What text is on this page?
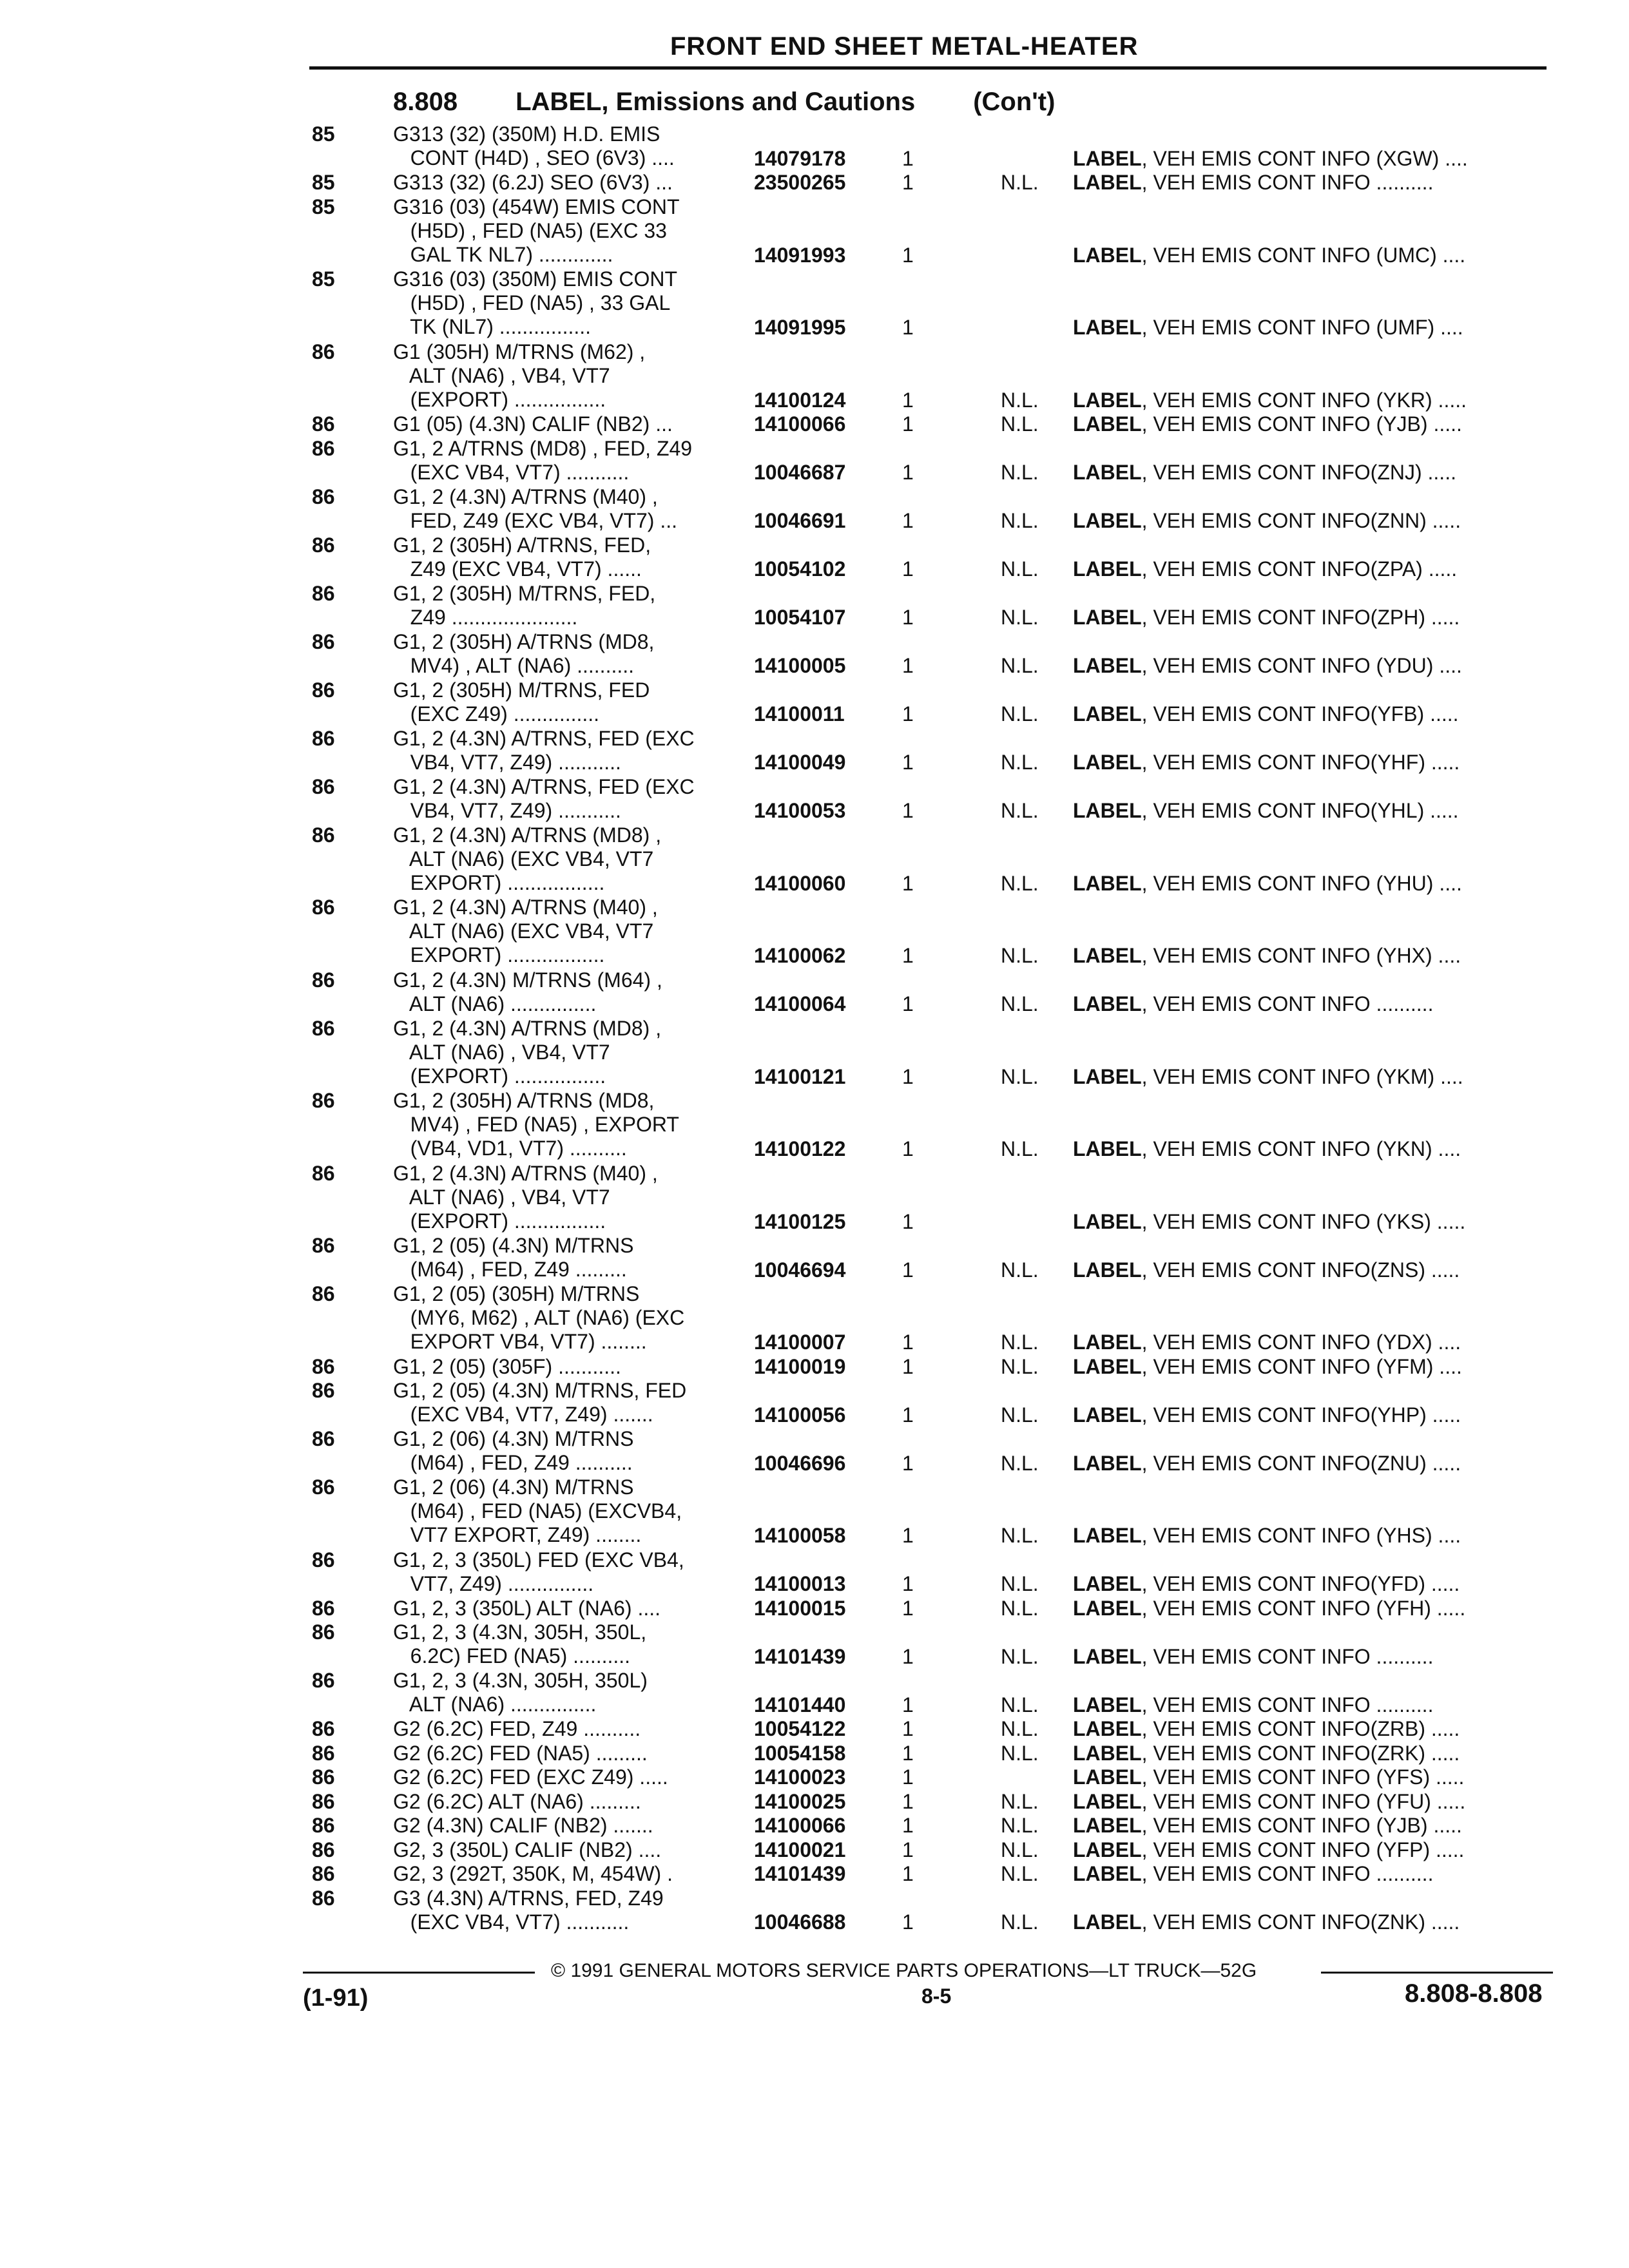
FRONT END SHEET METAL-HEATER
8.808 LABEL, Emissions and Cautions (Con't)
85	G313 (32) (350M) H.D. EMIS
CONT (H4D) , SEO (6V3) ....	14079178	1	LABEL, VEH EMIS CONT INFO (XGW) ....
85	G313 (32) (6.2J) SEO (6V3) ...	23500265	1	N.L. LABEL, VEH EMIS CONT INFO ..........
85	G316 (03) (454W) EMIS CONT
(H5D) , FED (NA5) (EXC 33
GAL TK NL7) .............	14091993	1	LABEL, VEH EMIS CONT INFO (UMC) ....
85	G316 (03) (350M) EMIS CONT
(H5D) , FED (NA5) , 33 GAL
TK (NL7) ................	14091995	1	LABEL, VEH EMIS CONT INFO (UMF) ....
86	G1 (305H) M/TRNS (M62) ,
ALT (NA6) , VB4, VT7
(EXPORT) ................	14100124	1	N.L. LABEL, VEH EMIS CONT INFO (YKR) .....
86	G1 (05) (4.3N) CALIF (NB2) ...	14100066	1	N.L. LABEL, VEH EMIS CONT INFO (YJB) .....
86	G1, 2 A/TRNS (MD8) , FED, Z49
(EXC VB4, VT7) ...........	10046687	1	N.L. LABEL, VEH EMIS CONT INFO(ZNJ) .....
86	G1, 2 (4.3N) A/TRNS (M40) ,
FED, Z49 (EXC VB4, VT7) ...	10046691	1	N.L. LABEL, VEH EMIS CONT INFO(ZNN) .....
86	G1, 2 (305H) A/TRNS, FED,
Z49 (EXC VB4, VT7) ......	10054102	1	N.L. LABEL, VEH EMIS CONT INFO(ZPA) .....
86	G1, 2 (305H) M/TRNS, FED,
Z49 ......................	10054107	1	N.L. LABEL, VEH EMIS CONT INFO(ZPH) .....
86	G1, 2 (305H) A/TRNS (MD8,
MV4) , ALT (NA6) ..........	14100005	1	N.L. LABEL, VEH EMIS CONT INFO (YDU) ....
86	G1, 2 (305H) M/TRNS, FED
(EXC Z49) ...............	14100011	1	N.L. LABEL, VEH EMIS CONT INFO(YFB) .....
86	G1, 2 (4.3N) A/TRNS, FED (EXC
VB4, VT7, Z49) ...........	14100049	1	N.L. LABEL, VEH EMIS CONT INFO(YHF) .....
86	G1, 2 (4.3N) A/TRNS, FED (EXC
VB4, VT7, Z49) ...........	14100053	1	N.L. LABEL, VEH EMIS CONT INFO(YHL) .....
86	G1, 2 (4.3N) A/TRNS (MD8) ,
ALT (NA6) (EXC VB4, VT7
EXPORT) .................	14100060	1	N.L. LABEL, VEH EMIS CONT INFO (YHU) ....
86	G1, 2 (4.3N) A/TRNS (M40) ,
ALT (NA6) (EXC VB4, VT7
EXPORT) .................	14100062	1	N.L. LABEL, VEH EMIS CONT INFO (YHX) ....
86	G1, 2 (4.3N) M/TRNS (M64) ,
ALT (NA6) ...............	14100064	1	N.L. LABEL, VEH EMIS CONT INFO ..........
86	G1, 2 (4.3N) A/TRNS (MD8) ,
ALT (NA6) , VB4, VT7
(EXPORT) ................	14100121	1	N.L. LABEL, VEH EMIS CONT INFO (YKM) ....
86	G1, 2 (305H) A/TRNS (MD8,
MV4) , FED (NA5) , EXPORT
(VB4, VD1, VT7) ..........	14100122	1	N.L. LABEL, VEH EMIS CONT INFO (YKN) ....
86	G1, 2 (4.3N) A/TRNS (M40) ,
ALT (NA6) , VB4, VT7
(EXPORT) ................	14100125	1	LABEL, VEH EMIS CONT INFO (YKS) .....
86	G1, 2 (05) (4.3N) M/TRNS
(M64) , FED, Z49 .........	10046694	1	N.L. LABEL, VEH EMIS CONT INFO(ZNS) .....
86	G1, 2 (05) (305H) M/TRNS
(MY6, M62) , ALT (NA6) (EXC
EXPORT VB4, VT7) ........	14100007	1	N.L. LABEL, VEH EMIS CONT INFO (YDX) ....
86	G1, 2 (05) (305F) ...........	14100019	1	N.L. LABEL, VEH EMIS CONT INFO (YFM) ....
86	G1, 2 (05) (4.3N) M/TRNS, FED
(EXC VB4, VT7, Z49) .......	14100056	1	N.L. LABEL, VEH EMIS CONT INFO(YHP) .....
86	G1, 2 (06) (4.3N) M/TRNS
(M64) , FED, Z49 ..........	10046696	1	N.L. LABEL, VEH EMIS CONT INFO(ZNU) .....
86	G1, 2 (06) (4.3N) M/TRNS
(M64) , FED (NA5) (EXCVB4,
VT7 EXPORT, Z49) ........	14100058	1	N.L. LABEL, VEH EMIS CONT INFO (YHS) ....
86	G1, 2, 3 (350L) FED (EXC VB4,
VT7, Z49) ...............	14100013	1	N.L. LABEL, VEH EMIS CONT INFO(YFD) .....
86	G1, 2, 3 (350L) ALT (NA6) ....	14100015	1	N.L. LABEL, VEH EMIS CONT INFO (YFH) .....
86	G1, 2, 3 (4.3N, 305H, 350L,
6.2C) FED (NA5) ..........	14101439	1	N.L. LABEL, VEH EMIS CONT INFO ..........
86	G1, 2, 3 (4.3N, 305H, 350L)
ALT (NA6) ...............	14101440	1	N.L. LABEL, VEH EMIS CONT INFO ..........
86	G2 (6.2C) FED, Z49 ..........	10054122	1	N.L. LABEL, VEH EMIS CONT INFO(ZRB) .....
86	G2 (6.2C) FED (NA5) .........	10054158	1	N.L. LABEL, VEH EMIS CONT INFO(ZRK) .....
86	G2 (6.2C) FED (EXC Z49) .....	14100023	1	LABEL, VEH EMIS CONT INFO (YFS) .....
86	G2 (6.2C) ALT (NA6) .........	14100025	1	N.L. LABEL, VEH EMIS CONT INFO (YFU) .....
86	G2 (4.3N) CALIF (NB2) .......	14100066	1	N.L. LABEL, VEH EMIS CONT INFO (YJB) .....
86	G2, 3 (350L) CALIF (NB2) ....	14100021	1	N.L. LABEL, VEH EMIS CONT INFO (YFP) .....
86	G2, 3 (292T, 350K, M, 454W) .	14101439	1	N.L. LABEL, VEH EMIS CONT INFO ..........
86	G3 (4.3N) A/TRNS, FED, Z49
(EXC VB4, VT7) ...........	10046688	1	N.L. LABEL, VEH EMIS CONT INFO(ZNK) .....
© 1991 GENERAL MOTORS SERVICE PARTS OPERATIONS—LT TRUCK—52G
(1-91)	8-5	8.808-8.808
